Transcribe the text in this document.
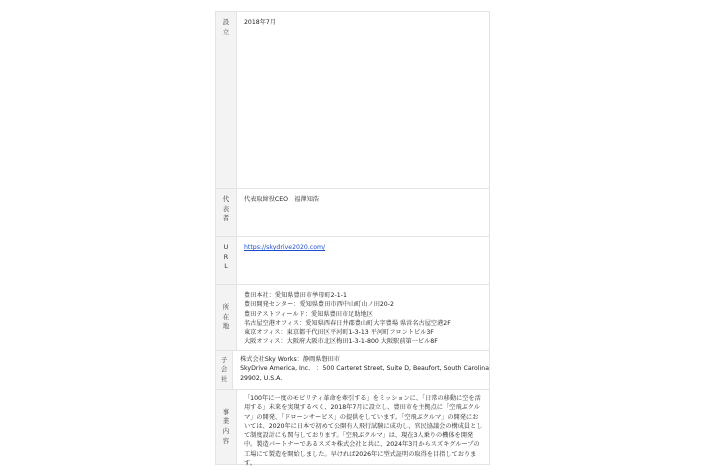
設
立
2018年7月
代
表
者
代表取締役CEO　福澤知浩
U
R
L
https://skydrive2020.com/
所
在
地
豊田本社：愛知県豊田市挙母町2-1-1
豊田開発センター：愛知県豊田市西中山町山ノ田20-2
豊田テストフィールド：愛知県豊田市足助地区
名古屋空港オフィス：愛知県西春日井郡豊山町大字豊場 県営名古屋空港2F
東京オフィス：東京都千代田区平河町1-3-13 平河町フロントビル3F
大阪オフィス：大阪府大阪市北区梅田1-3-1-800 大阪駅前第一ビル8F
子
会
社
株式会社Sky Works：静岡県磐田市
SkyDrive America, Inc.　：500 Carteret Street, Suite D, Beaufort, South Carolina
29902, U.S.A.
事
業
内
容
「100年に一度のモビリティ革命を牽引する」をミッションに、「日常の移動に空を活用する」未来を実現するべく、2018年7月に設立し、豊田市を主拠点に「空飛ぶクルマ」の開発、「ドローンサービス」の提供をしています。「空飛ぶクルマ」の開発においては、2020年に日本で初めて公開有人飛行試験に成功し、官民協議会の構成員として制度設計にも関与しております。「空飛ぶクルマ」は、現在3人乗りの機体を開発中。製造パートナーであるスズキ株式会社と共に、2024年3月からスズキグループの工場にて製造を開始しました。早ければ2026年に型式証明の取得を目指しております。
